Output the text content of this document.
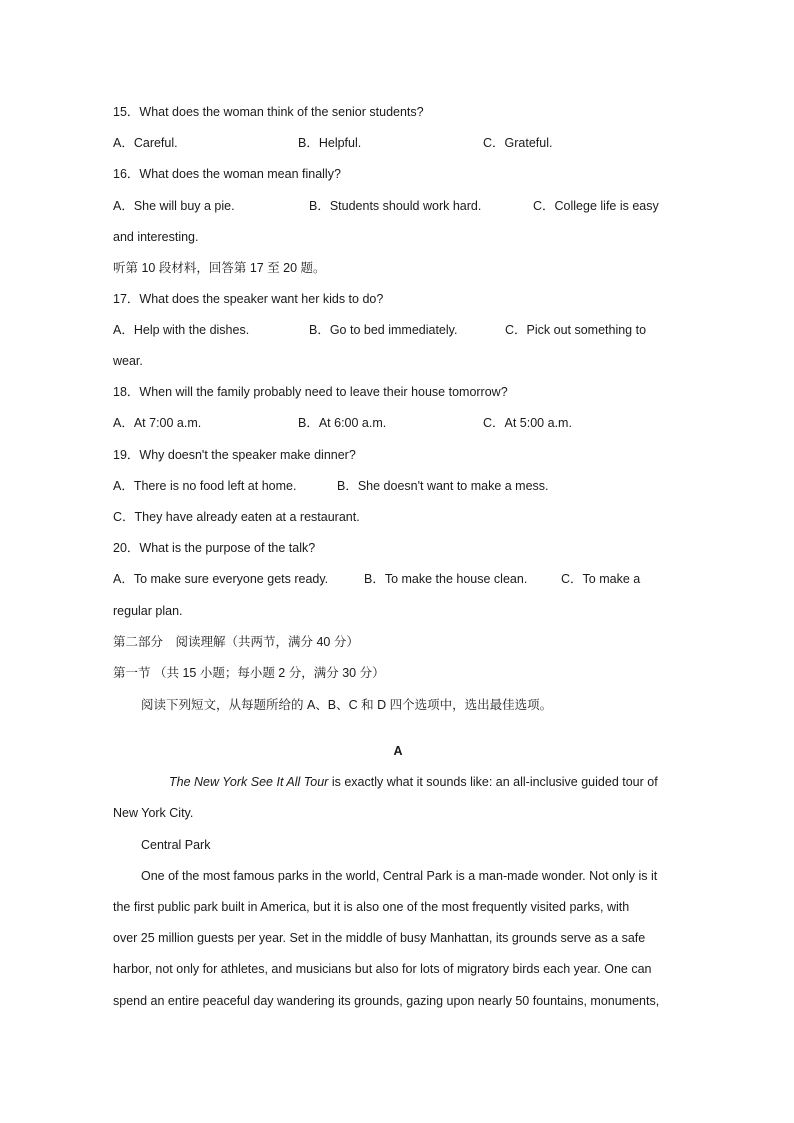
15．What does the woman think of the senior students?
A．Careful.	B．Helpful.	C．Grateful.
16．What does the woman mean finally?
A．She will buy a pie.	B．Students should work hard.	C．College life is easy
and interesting.
听第 10 段材料，回答第 17 至 20 题。
17．What does the speaker want her kids to do?
A．Help with the dishes.	B．Go to bed immediately.	C．Pick out something to
wear.
18．When will the family probably need to leave their house tomorrow?
A．At 7:00 a.m.	B．At 6:00 a.m.	C．At 5:00 a.m.
19．Why doesn't the speaker make dinner?
A．There is no food left at home.	B．She doesn't want to make a mess.
C．They have already eaten at a restaurant.
20．What is the purpose of the talk?
A．To make sure everyone gets ready.	B．To make the house clean.	C．To make a
regular plan.
第二部分　阅读理解（共两节，满分 40 分）
第一节 （共 15 小题；每小题 2 分，满分 30 分）
阅读下列短文，从每题所给的 A、B、C 和 D 四个选项中，选出最佳选项。
A
The New York See It All Tour is exactly what it sounds like: an all-inclusive guided tour of
New York City.
Central Park
One of the most famous parks in the world, Central Park is a man-made wonder. Not only is it
the first public park built in America, but it is also one of the most frequently visited parks, with
over 25 million guests per year. Set in the middle of busy Manhattan, its grounds serve as a safe
harbor, not only for athletes, and musicians but also for lots of migratory birds each year. One can
spend an entire peaceful day wandering its grounds, gazing upon nearly 50 fountains, monuments,
